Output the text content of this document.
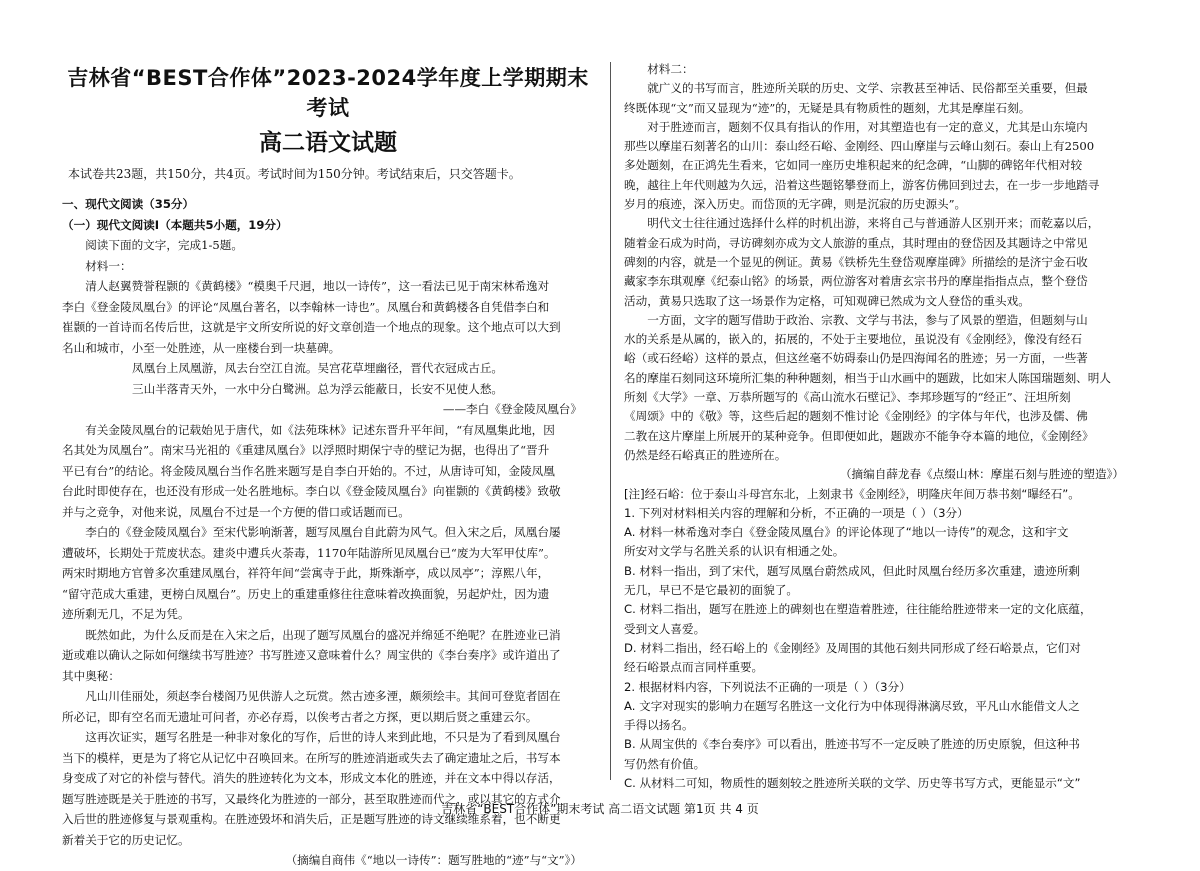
吉林省“BEST合作体”2023-2024学年度上学期期末考试
高二语文试题
本试卷共23题，共150分，共4页。考试时间为150分钟。考试结束后，只交答题卡。
一、现代文阅读（35分）
（一）现代文阅读Ⅰ（本题共5小题，19分）
阅读下面的文字，完成1-5题。
材料一：
清人赵翼赞誉程颢的《黄鹤楼》“模奥千尺迥，地以一诗传”，这一看法已见于南宋林希逸对
李白《登金陵凤凰台》的评论“凤凰台著名，以李翰林一诗也”。凤凰台和黄鹤楼各自凭借李白和
崔颢的一首诗而名传后世，这就是宇文所安所说的好文章创造一个地点的现象。这个地点可以大到
名山和城市，小至一处胜迹，从一座楼台到一块墓碑。
凤凰台上凤凰游，凤去台空江自流。吴宫花草埋幽径，晋代衣冠成古丘。
三山半落青天外，一水中分白鹭洲。总为浮云能蔽日，长安不见使人愁。
——李白《登金陵凤凰台》
有关金陵凤凰台的记载始见于唐代，如《法苑珠林》记述东晋升平年间，“有凤凰集此地，因
名其处为凤凰台”。南宋马光祖的《重建凤凰台》以浮照时期保宁寺的壁记为据，也得出了“晋升
平已有台”的结论。将金陵凤凰台当作名胜来题写是自李白开始的。不过，从唐诗可知，金陵凤凰
台此时即使存在，也还没有形成一处名胜地标。李白以《登金陵凤凰台》向崔颢的《黄鹤楼》致敬
并与之竞争，对他来说，凤凰台不过是一个方便的借口或话题而已。
李白的《登金陵凤凰台》至宋代影响渐著，题写凤凰台自此蔚为风气。但入宋之后，凤凰台屡
遭破坏，长期处于荒废状态。建炎中遭兵火荼毒，1170年陆游所见凤凰台已“废为大军甲仗库”。
两宋时期地方官曾多次重建凤凰台，祥符年间“尝寓寺于此，斯殊渐亭，成以凤亭”；淳熙八年，
“留守范成大重建，更榜白凤凰台”。历史上的重建重修往往意味着改换面貌，另起炉灶，因为遗
迹所剩无几，不足为凭。
既然如此，为什么反而是在入宋之后，出现了题写凤凰台的盛况并绵延不绝呢？在胜迹业已消
逝或难以确认之际如何继续书写胜迹？书写胜迹又意味着什么？周宝供的《李台奏序》或许道出了
其中奥秘：
凡山川佳丽处，须赵李台楼阁乃见供游人之玩赏。然古迹多湮，颇须绘丰。其间可登览者固在
所必记，即有空名而无遗址可问者，亦必存焉，以俟考古者之方探，更以期后贤之重建云尔。
这再次证实，题写名胜是一种非对象化的写作，后世的诗人来到此地，不只是为了看到凤凰台
当下的模样，更是为了将它从记忆中召唤回来。在所写的胜迹消逝或失去了确定遗址之后，书写本
身变成了对它的补偿与替代。消失的胜迹转化为文本，形成文本化的胜迹，并在文本中得以存活，
题写胜迹既是关于胜迹的书写，又最终化为胜迹的一部分，甚至取胜迹而代之，或以其它的方式介
入后世的胜迹修复与景观重构。在胜迹毁坏和消失后，正是题写胜迹的诗文继续维系着，也不断更
新着关于它的历史记忆。
（摘编自商伟《“地以一诗传”：题写胜地的“迹”与“文”》）
材料二：
就广义的书写而言，胜迹所关联的历史、文学、宗教甚至神话、民俗都至关重要，但最
终既体现“文”而又显现为“迹”的，无疑是具有物质性的题刻，尤其是摩崖石刻。
对于胜迹而言，题刻不仅具有指认的作用，对其塑造也有一定的意义，尤其是山东境内
那些以摩崖石刻著名的山川：泰山经石峪、金刚经、四山摩崖与云峰山刻石。泰山上有2500
多处题刻，在正鸿先生看来，它如同一座历史堆积起来的纪念碑，“山脚的碑铭年代相对较
晚，越往上年代则越为久远，沿着这些题铭攀登而上，游客仿佛回到过去，在一步一步地踏寻
岁月的痕迹，深入历史。而岱顶的无字碑，则是沉寂的历史源头”。
明代文士往往通过选择什么样的时机出游，来将自己与普通游人区别开来；而乾嘉以后，
随着金石成为时尚，寻访碑刻亦成为文人旅游的重点，其时理由的登岱因及其题诗之中常见
碑刻的内容，就是一个显见的例证。黄易《铁桥先生登岱观摩崖碑》所描绘的是济宁金石收
藏家李东琪观摩《纪泰山铭》的场景，两位游客对着唐玄宗书丹的摩崖指指点点，整个登岱
活动，黄易只选取了这一场景作为定格，可知观碑已然成为文人登岱的重头戏。
一方面，文字的题写借助于政治、宗教、文学与书法，参与了风景的塑造，但题刻与山
水的关系是从属的，嵌入的，拓展的，不处于主要地位，虽说没有《金刚经》，像没有经石
峪（或石经峪）这样的景点，但这丝毫不妨碍泰山仍是四海闻名的胜迹；另一方面，一些著
名的摩崖石刻同这环境所汇集的种种题刻，相当于山水画中的题跋，比如宋人陈国瑞题刻、明人
所刻《大学》一章、万恭所题写的《高山流水石壁记》、李邦珍题写的“经正”、汪坦所刻
《周颂》中的《敬》等，这些后起的题刻不惟讨论《金刚经》的字体与年代，也涉及儒、佛
二教在这片摩崖上所展开的某种竞争。但即便如此，题跋亦不能争夺本篇的地位，《金刚经》
仍然是经石峪真正的胜迹所在。
（摘编自薛龙春《点缀山林：摩崖石刻与胜迹的塑造》）
[注]经石峪：位于泰山斗母宫东北，上刻隶书《金刚经》，明隆庆年间万恭书刻“曝经石”。
1. 下列对材料相关内容的理解和分析，不正确的一项是（ ）（3分）
A. 材料一林希逸对李白《登金陵凤凰台》的评论体现了“地以一诗传”的观念，这和宇文
所安对文学与名胜关系的认识有相通之处。
B. 材料一指出，到了宋代，题写凤凰台蔚然成风，但此时凤凰台经历多次重建，遗迹所剩
无几，早已不是它最初的面貌了。
C. 材料二指出，题写在胜迹上的碑刻也在塑造着胜迹，往往能给胜迹带来一定的文化底蕴，
受到文人喜爱。
D. 材料二指出，经石峪上的《金刚经》及周围的其他石刻共同形成了经石峪景点，它们对
经石峪景点而言同样重要。
2. 根据材料内容，下列说法不正确的一项是（ ）（3分）
A. 文字对现实的影响力在题写名胜这一文化行为中体现得淋漓尽致，平凡山水能借文人之
手得以扬名。
B. 从周宝供的《李台奏序》可以看出，胜迹书写不一定反映了胜迹的历史原貌，但这种书
写仍然有价值。
C. 从材料二可知，物质性的题刻较之胜迹所关联的文学、历史等书写方式，更能显示“文”
吉林省“BEST合作体”期末考试 高二语文试题 第1页 共 4 页
